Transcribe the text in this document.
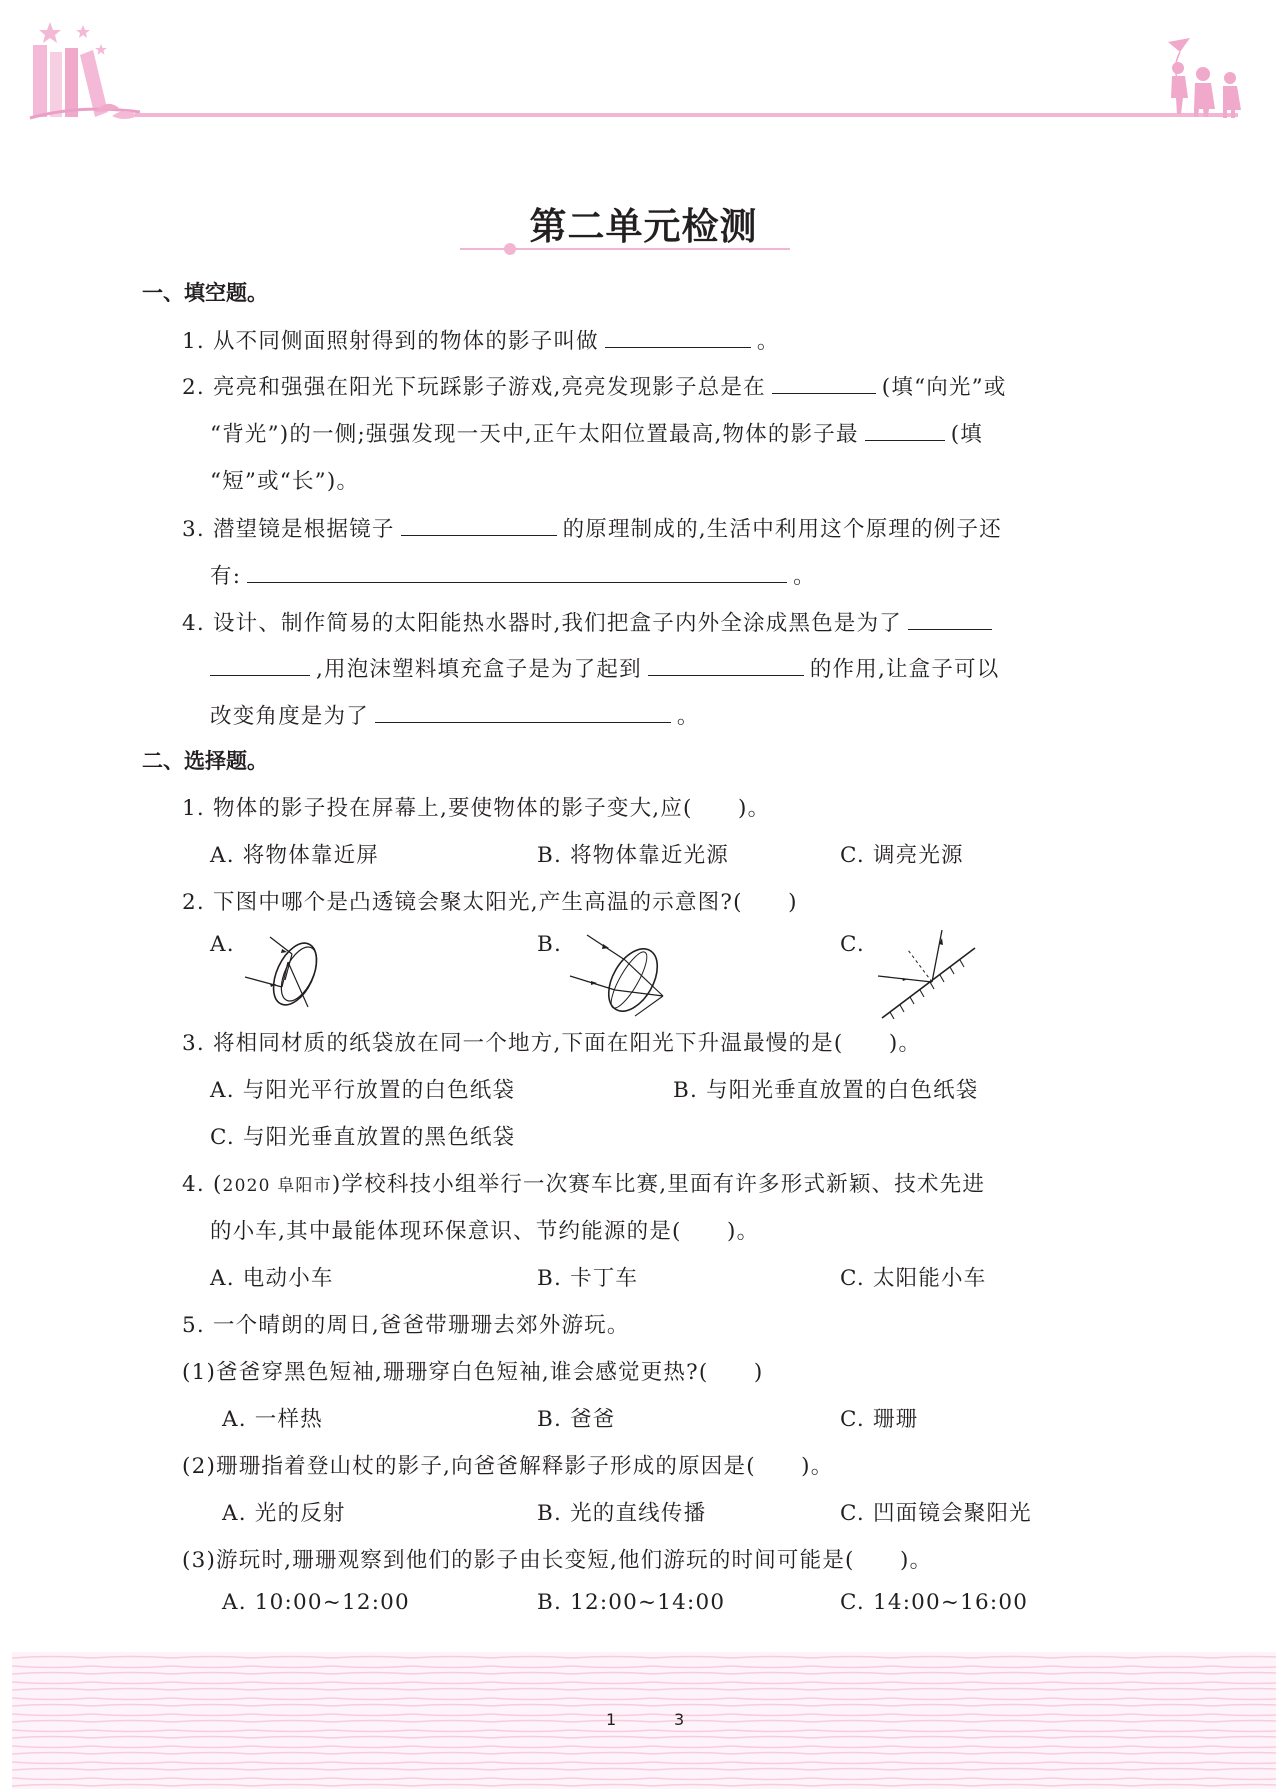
第二单元检测
一、填空题。
1. 从不同侧面照射得到的物体的影子叫做	。
2. 亮亮和强强在阳光下玩踩影子游戏,亮亮发现影子总是在	(填“向光”或
“背光”)的一侧;强强发现一天中,正午太阳位置最高,物体的影子最	(填
“短”或“长”)。
3. 潜望镜是根据镜子	的原理制成的,生活中利用这个原理的例子还
有:	。
4. 设计、制作简易的太阳能热水器时,我们把盒子内外全涂成黑色是为了
,用泡沫塑料填充盒子是为了起到	的作用,让盒子可以
改变角度是为了	。
二、选择题。
1. 物体的影子投在屏幕上,要使物体的影子变大,应(　　)。
A. 将物体靠近屏	B. 将物体靠近光源	C. 调亮光源
2. 下图中哪个是凸透镜会聚太阳光,产生高温的示意图?(　　)
A.	B.	C.
3. 将相同材质的纸袋放在同一个地方,下面在阳光下升温最慢的是(　　)。
A. 与阳光平行放置的白色纸袋	B. 与阳光垂直放置的白色纸袋
C. 与阳光垂直放置的黑色纸袋
4. (2020 阜阳市)学校科技小组举行一次赛车比赛,里面有许多形式新颖、技术先进
的小车,其中最能体现环保意识、节约能源的是(　　)。
A. 电动小车	B. 卡丁车	C. 太阳能小车
5. 一个晴朗的周日,爸爸带珊珊去郊外游玩。
(1)爸爸穿黑色短袖,珊珊穿白色短袖,谁会感觉更热?(　　)
A. 一样热	B. 爸爸	C. 珊珊
(2)珊珊指着登山杖的影子,向爸爸解释影子形成的原因是(　　)。
A. 光的反射	B. 光的直线传播	C. 凹面镜会聚阳光
(3)游玩时,珊珊观察到他们的影子由长变短,他们游玩的时间可能是(　　)。
A. 10:00~12:00	B. 12:00~14:00	C. 14:00~16:00
1	3
